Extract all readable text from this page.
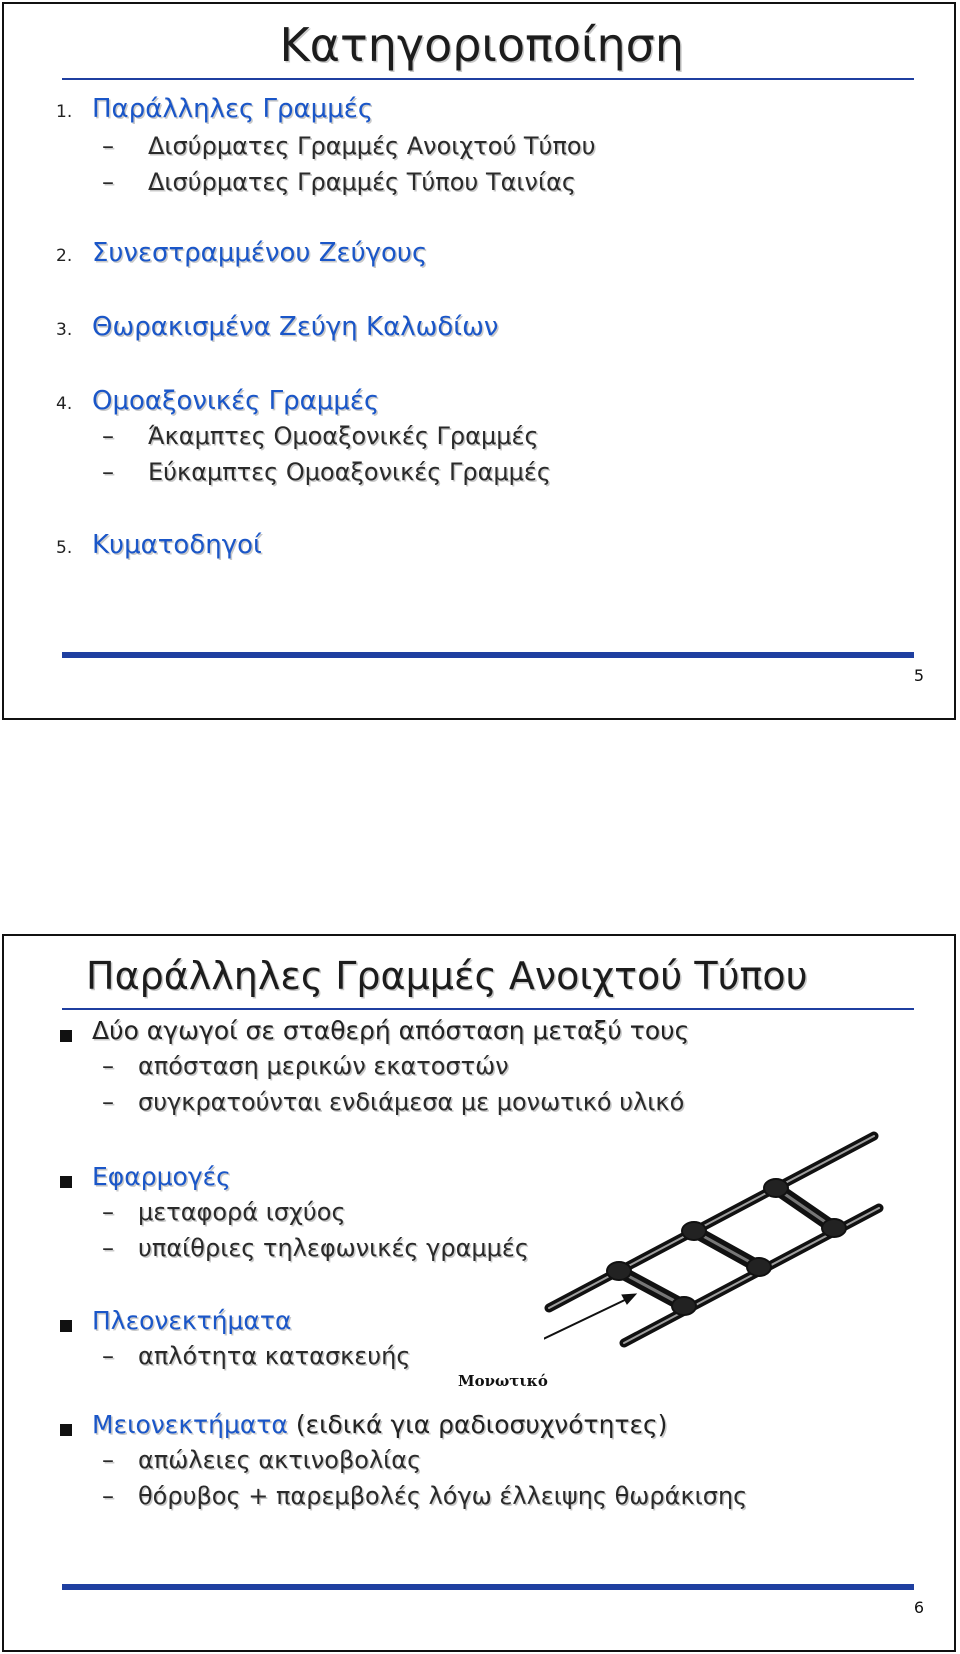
Κατηγοριοποίηση
1. Παράλληλες Γραμμές
– Δισύρματες Γραμμές Ανοιχτού Τύπου
– Δισύρματες Γραμμές Τύπου Ταινίας
2. Συνεστραμμένου Ζεύγους
3. Θωρακισμένα Ζεύγη Καλωδίων
4. Ομοαξονικές Γραμμές
– Άκαμπτες Ομοαξονικές Γραμμές
– Εύκαμπτες Ομοαξονικές Γραμμές
5. Κυματοδηγοί
5
Παράλληλες Γραμμές Ανοιχτού Τύπου
Δύο αγωγοί σε σταθερή απόσταση μεταξύ τους
– απόσταση μερικών εκατοστών
– συγκρατούνται ενδιάμεσα με μονωτικό υλικό
Εφαρμογές
– μεταφορά ισχύος
– υπαίθριες τηλεφωνικές γραμμές
Πλεονεκτήματα
– απλότητα κατασκευής
Μειονεκτήματα (ειδικά για ραδιοσυχνότητες)
– απώλειες ακτινοβολίας
– θόρυβος + παρεμβολές λόγω έλλειψης θωράκισης
Μονωτικό
6
